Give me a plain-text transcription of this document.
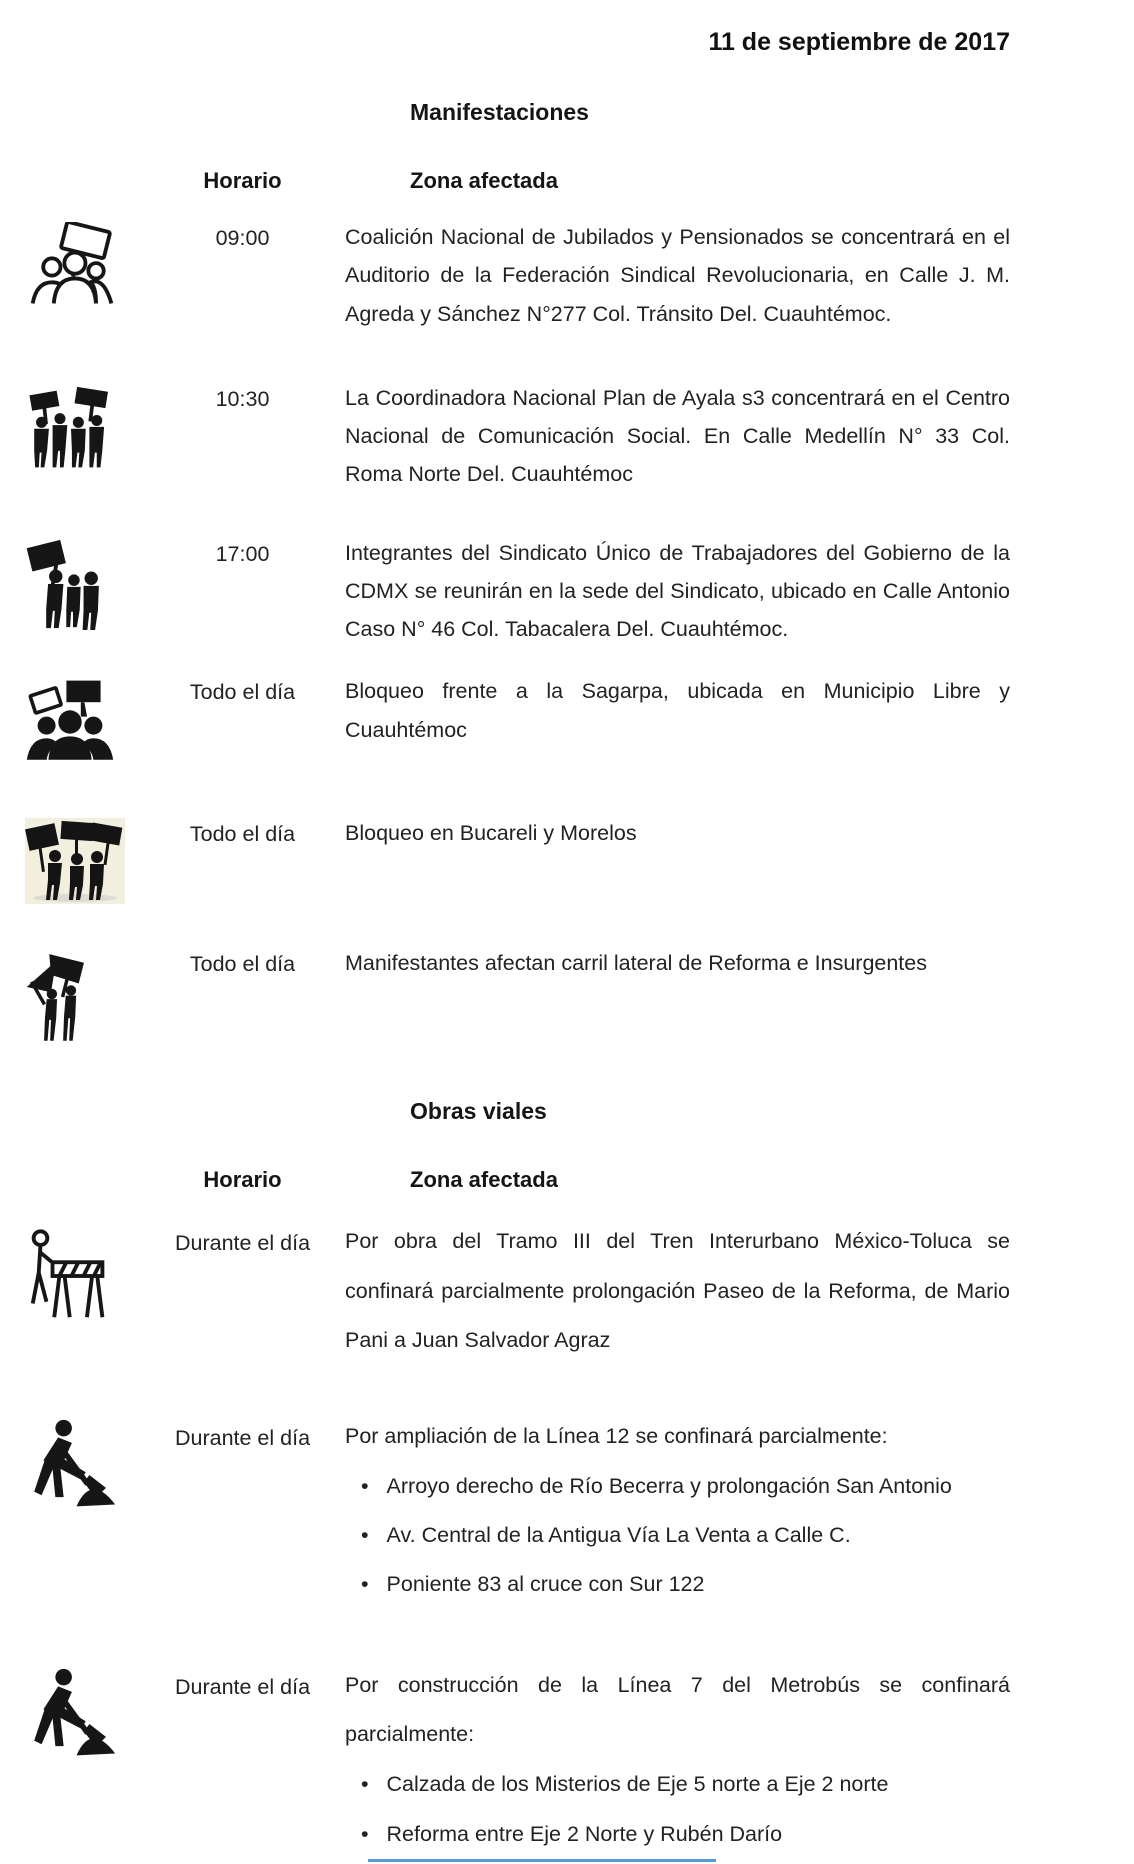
11 de septiembre de 2017
Manifestaciones
Horario	Zona afectada
09:00	Coalición Nacional de Jubilados y Pensionados se concentrará en el Auditorio de la Federación Sindical Revolucionaria, en Calle J. M. Agreda y Sánchez N°277 Col. Tránsito Del. Cuauhtémoc.
10:30	La Coordinadora Nacional Plan de Ayala s3 concentrará en el Centro Nacional de Comunicación Social. En Calle Medellín N° 33 Col. Roma Norte Del. Cuauhtémoc
17:00	Integrantes del Sindicato Único de Trabajadores del Gobierno de la CDMX se reunirán en la sede del Sindicato, ubicado en Calle Antonio Caso N° 46 Col. Tabacalera Del. Cuauhtémoc.
Todo el día	Bloqueo frente a la Sagarpa, ubicada en Municipio Libre y Cuauhtémoc
Todo el día	Bloqueo en Bucareli y Morelos
Todo el día	Manifestantes afectan carril lateral de Reforma e Insurgentes
Obras viales
Horario	Zona afectada
Durante el día	Por obra del Tramo III del Tren Interurbano México-Toluca se confinará parcialmente prolongación Paseo de la Reforma, de Mario Pani a Juan Salvador Agraz

Durante el día	Por ampliación de la Línea 12 se confinará parcialmente:

• Arroyo derecho de Río Becerra y prolongación San Antonio
• Av. Central de la Antigua Vía La Venta a Calle C.
• Poniente 83 al cruce con Sur 122
Durante el día	Por construcción de la Línea 7 del Metrobús se confinará parcialmente:

• Calzada de los Misterios de Eje 5 norte a Eje 2 norte
• Reforma entre Eje 2 Norte y Rubén Darío
